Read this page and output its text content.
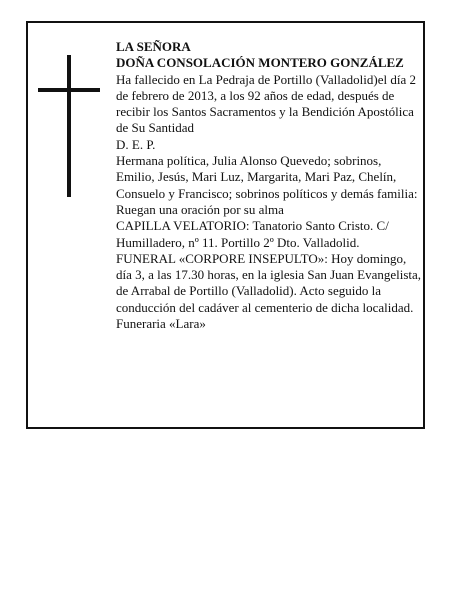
LA SEÑORA

DOÑA CONSOLACIÓN MONTERO GONZÁLEZ

Ha fallecido en La Pedraja de Portillo (Valladolid)el día 2 de febrero de 2013, a los 92 años de edad, después de recibir los Santos Sacramentos y la Bendición Apostólica de Su Santidad

D. E. P.

Hermana política, Julia Alonso Quevedo; sobrinos, Emilio, Jesús, Mari Luz, Margarita, Mari Paz, Chelín, Consuelo y Francisco; sobrinos políticos y demás familia:

Ruegan una oración por su alma

CAPILLA VELATORIO: Tanatorio Santo Cristo. C/ Humilladero, nº 11. Portillo 2º Dto. Valladolid.

FUNERAL «CORPORE INSEPULTO»: Hoy domingo, día 3, a las 17.30 horas, en la iglesia San Juan Evangelista, de Arrabal de Portillo (Valladolid). Acto seguido la conducción del cadáver al cementerio de dicha localidad.

Funeraria «Lara»
